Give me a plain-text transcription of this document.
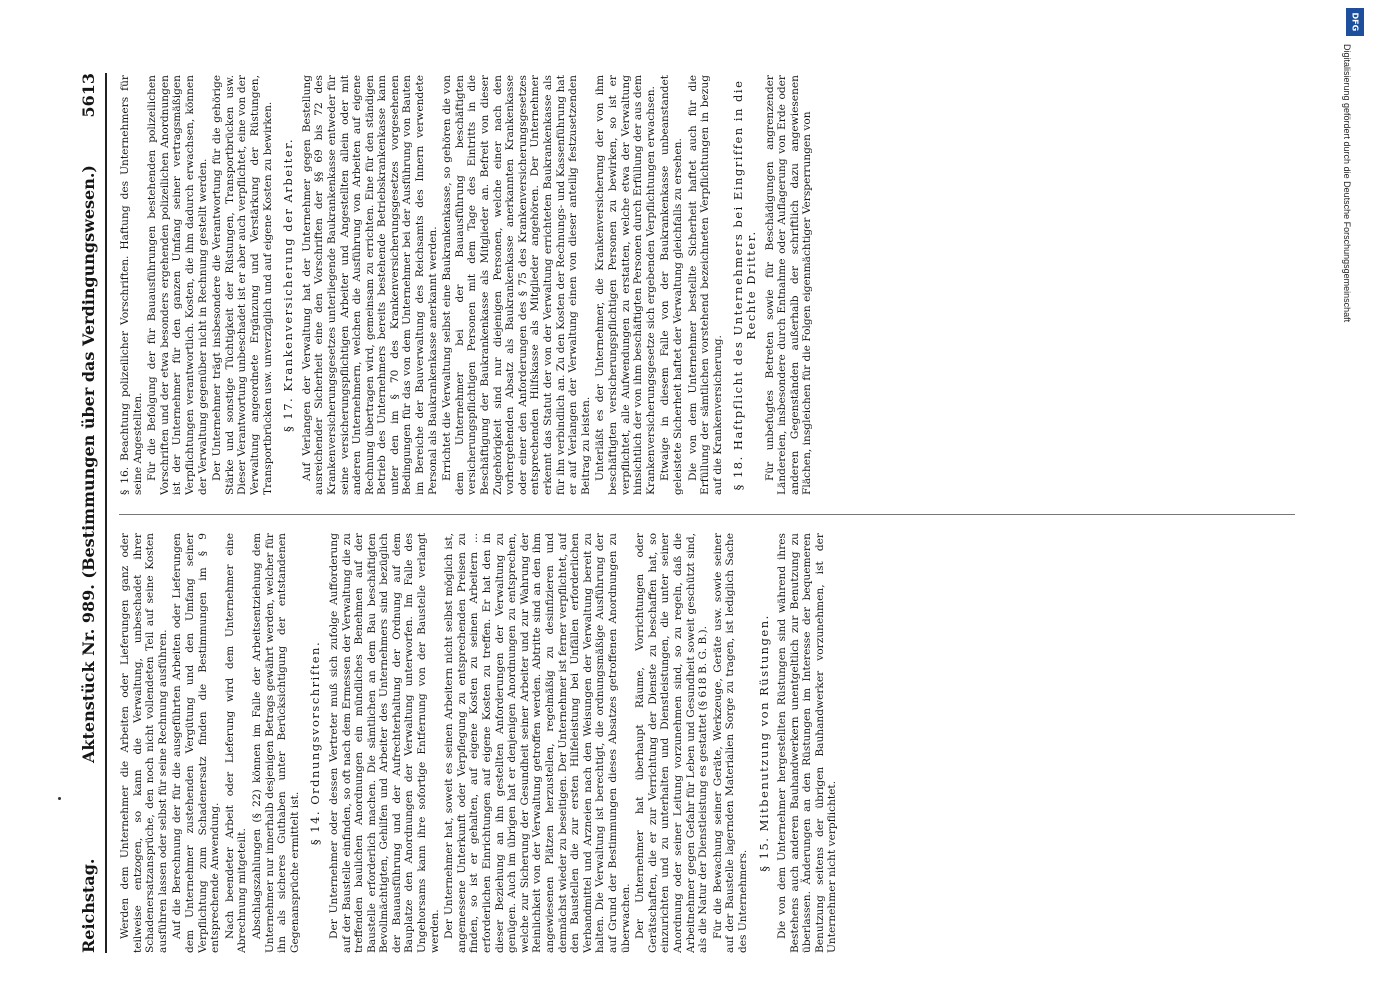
Reichstag.
Aktenstück Nr. 989. (Bestimmungen über das Verdingungswesen.)
5613

Werden dem Unternehmer die Arbeiten oder Lieferungen ganz oder teilweise entzogen, so kann die Verwaltung, unbeschadet ihrer Schadenersatzansprüche, den noch nicht vollendeten Teil auf seine Kosten ausführen lassen oder selbst für seine Rechnung ausführen. Auf die Berechnung der für die ausgeführten Arbeiten oder Lieferungen dem Unternehmer zustehenden Vergütung und den Umfang seiner Verpflichtung zum Schadenersatz finden die Bestimmungen im § 9 entsprechende Anwendung. Nach beendeter Arbeit oder Lieferung wird dem Unternehmer eine Abrechnung mitgeteilt. Abschlagszahlungen (§ 22) können im Falle der Arbeitsentziehung dem Unternehmer nur innerhalb desjenigen Betrags gewährt werden, welcher für ihn als sicheres Guthaben unter Berücksichtigung der entstandenen Gegenansprüche ermittelt ist.

§ 14. Ordnungsvorschriften. Der Unternehmer oder dessen Vertreter muß sich zufolge Aufforderung auf der Baustelle einfinden, so oft nach dem Ermessen der Verwaltung die zu treffenden baulichen Anordnungen ein mündliches Benehmen auf der Baustelle erforderlich machen. Die sämtlichen an dem Bau beschäftigten Bevollmächtigten, Gehilfen und Arbeiter des Unternehmers sind bezüglich der Bauausführung und der Aufrechterhaltung der Ordnung auf dem Bauplatze den Anordnungen der Verwaltung unterworfen. Im Falle des Ungehorsams kann ihre sofortige Entfernung von der Baustelle verlangt werden. Der Unternehmer hat, soweit es seinen Arbeitern nicht selbst möglich ist, angemessene Unterkunft oder Verpflegung zu entsprechenden Preisen zu finden, so ist er gehalten, auf eigene Kosten zu seinen Arbeitern ... erforderlichen Einrichtungen auf eigene Kosten zu treffen. Er hat den in dieser Beziehung an ihn gestellten Anforderungen der Verwaltung zu genügen. Auch im übrigen hat er denjenigen Anordnungen zu entsprechen, welche zur Sicherung der Gesundheit seiner Arbeiter und zur Wahrung der Reinlichkeit von der Verwaltung getroffen werden. Abtritte sind an den ihm angewiesenen Plätzen herzustellen, regelmäßig zu desinfizieren und demnächst wieder zu beseitigen. Der Unternehmer ist ferner verpflichtet, auf den Baustellen die zur ersten Hilfeleistung bei Unfällen erforderlichen Verbandmittel und Arzneien nach den Weisungen der Verwaltung bereit zu halten. Die Verwaltung ist berechtigt, die ordnungsmäßige Ausführung der auf Grund der Bestimmungen dieses Absatzes getroffenen Anordnungen zu überwachen. Der Unternehmer hat überhaupt Räume, Vorrichtungen oder Gerätschaften, die er zur Verrichtung der Dienste zu beschaffen hat, so einzurichten und zu unterhalten und Dienstleistungen, die unter seiner Anordnung oder seiner Leitung vorzunehmen sind, so zu regeln, daß die Arbeitnehmer gegen Gefahr für Leben und Gesundheit soweit geschützt sind, als die Natur der Dienstleistung es gestattet (§ 618 B. G. B.). Für die Bewachung seiner Geräte, Werkzeuge, Geräte usw. sowie seiner auf der Baustelle lagernden Materialien Sorge zu tragen, ist lediglich Sache des Unternehmers.

§ 15. Mitbenutzung von Rüstungen. Die von dem Unternehmer hergestellten Rüstungen sind während ihres Bestehens auch anderen Bauhandwerkern unentgeltlich zur Benutzung zu überlassen. Änderungen an den Rüstungen im Interesse der bequemeren Benutzung seitens der übrigen Bauhandwerker vorzunehmen, ist der Unternehmer nicht verpflichtet.

§ 16. Beachtung polizeilicher Vorschriften. Haftung des Unternehmers für seine Angestellten. Für die Befolgung der für Bauausführungen bestehenden polizeilichen Vorschriften und der etwa besonders ergehenden polizeilichen Anordnungen ist der Unternehmer für den ganzen Umfang seiner vertragsmäßigen Verpflichtungen verantwortlich. Kosten, die ihm dadurch erwachsen, können der Verwaltung gegenüber nicht in Rechnung gestellt werden. Der Unternehmer trägt insbesondere die Verantwortung für die gehörige Stärke und sonstige Tüchtigkeit der Rüstungen, Transportbrücken usw. Dieser Verantwortung unbeschadet ist er aber auch verpflichtet, eine von der Verwaltung angeordnete Ergänzung und Verstärkung der Rüstungen, Transportbrücken usw. unverzüglich und auf eigene Kosten zu bewirken. § 17. Krankenversicherung der Arbeiter. Auf Verlangen der Verwaltung hat der Unternehmer gegen Bestellung ausreichender Sicherheit eine den Vorschriften der §§ 69 bis 72 des Krankenversicherungsgesetzes unterliegende Baukrankenkasse entweder für seine versicherungspflichtigen Arbeiter und Angestellten allein oder mit anderen Unternehmern, welchen die Ausführung von Arbeiten auf eigene Rechnung übertragen wird, gemeinsam zu errichten. Eine für den ständigen Betrieb des Unternehmers bereits bestehende Betriebskrankenkasse kann unter den im § 70 des Krankenversicherungsgesetzes vorgesehenen Bedingungen für das von dem Unternehmer bei der Ausführung von Bauten im Bereiche der Bauverwaltung des Reichsamts des Innern verwendete Personal als Baukrankenkasse anerkannt werden. Errichtet die Verwaltung selbst eine Baukrankenkasse, so gehören die von dem Unternehmer bei der Bauausführung beschäftigten versicherungspflichtigen Personen mit dem Tage des Eintritts in die Beschäftigung der Baukrankenkasse als Mitglieder an. Befreit von dieser Zugehörigkeit sind nur diejenigen Personen, welche einer nach den vorhergehenden Absatz als Baukrankenkasse anerkannten Krankenkasse oder einer den Anforderungen des § 75 des Krankenversicherungsgesetzes entsprechenden Hilfskasse als Mitglieder angehören. Der Unternehmer erkennt das Statut der von der Verwaltung errichteten Baukrankenkasse als für ihn verbindlich an. Zu den Kosten der Rechnungs- und Kassenführung hat er auf Verlangen der Verwaltung einen von dieser anteilig festzusetzenden Beitrag zu leisten. Unterläßt es der Unternehmer, die Krankenversicherung der von ihm beschäftigten versicherungspflichtigen Personen zu bewirken, so ist er verpflichtet, alle Aufwendungen zu erstatten, welche etwa der Verwaltung hinsichtlich der von ihm beschäftigten Personen durch Erfüllung der aus dem Krankenversicherungsgesetze sich ergebenden Verpflichtungen erwachsen. Etwaige in diesem Falle von der Baukrankenkasse unbeanstandet geleistete Sicherheit haftet der Verwaltung gleichfalls zu ersehen. Die von dem Unternehmer bestellte Sicherheit haftet auch für die Erfüllung der sämtlichen vorstehend bezeichneten Verpflichtungen in bezug auf die Krankenversicherung. § 18. Haftpflicht des Unternehmers bei Eingriffen in die Rechte Dritter. Für unbefugtes Betreten sowie für Beschädigungen angrenzender Ländereien, insbesondere durch Entnahme oder Auflagerung von Erde oder anderen Gegenständen außerhalb der schriftlich dazu angewiesenen Flächen, insgleichen für die Folgen eigenmächtiger Versperrungen von

DFG
Digitalisierung gefördert durch die Deutsche Forschungsgemeinschaft
